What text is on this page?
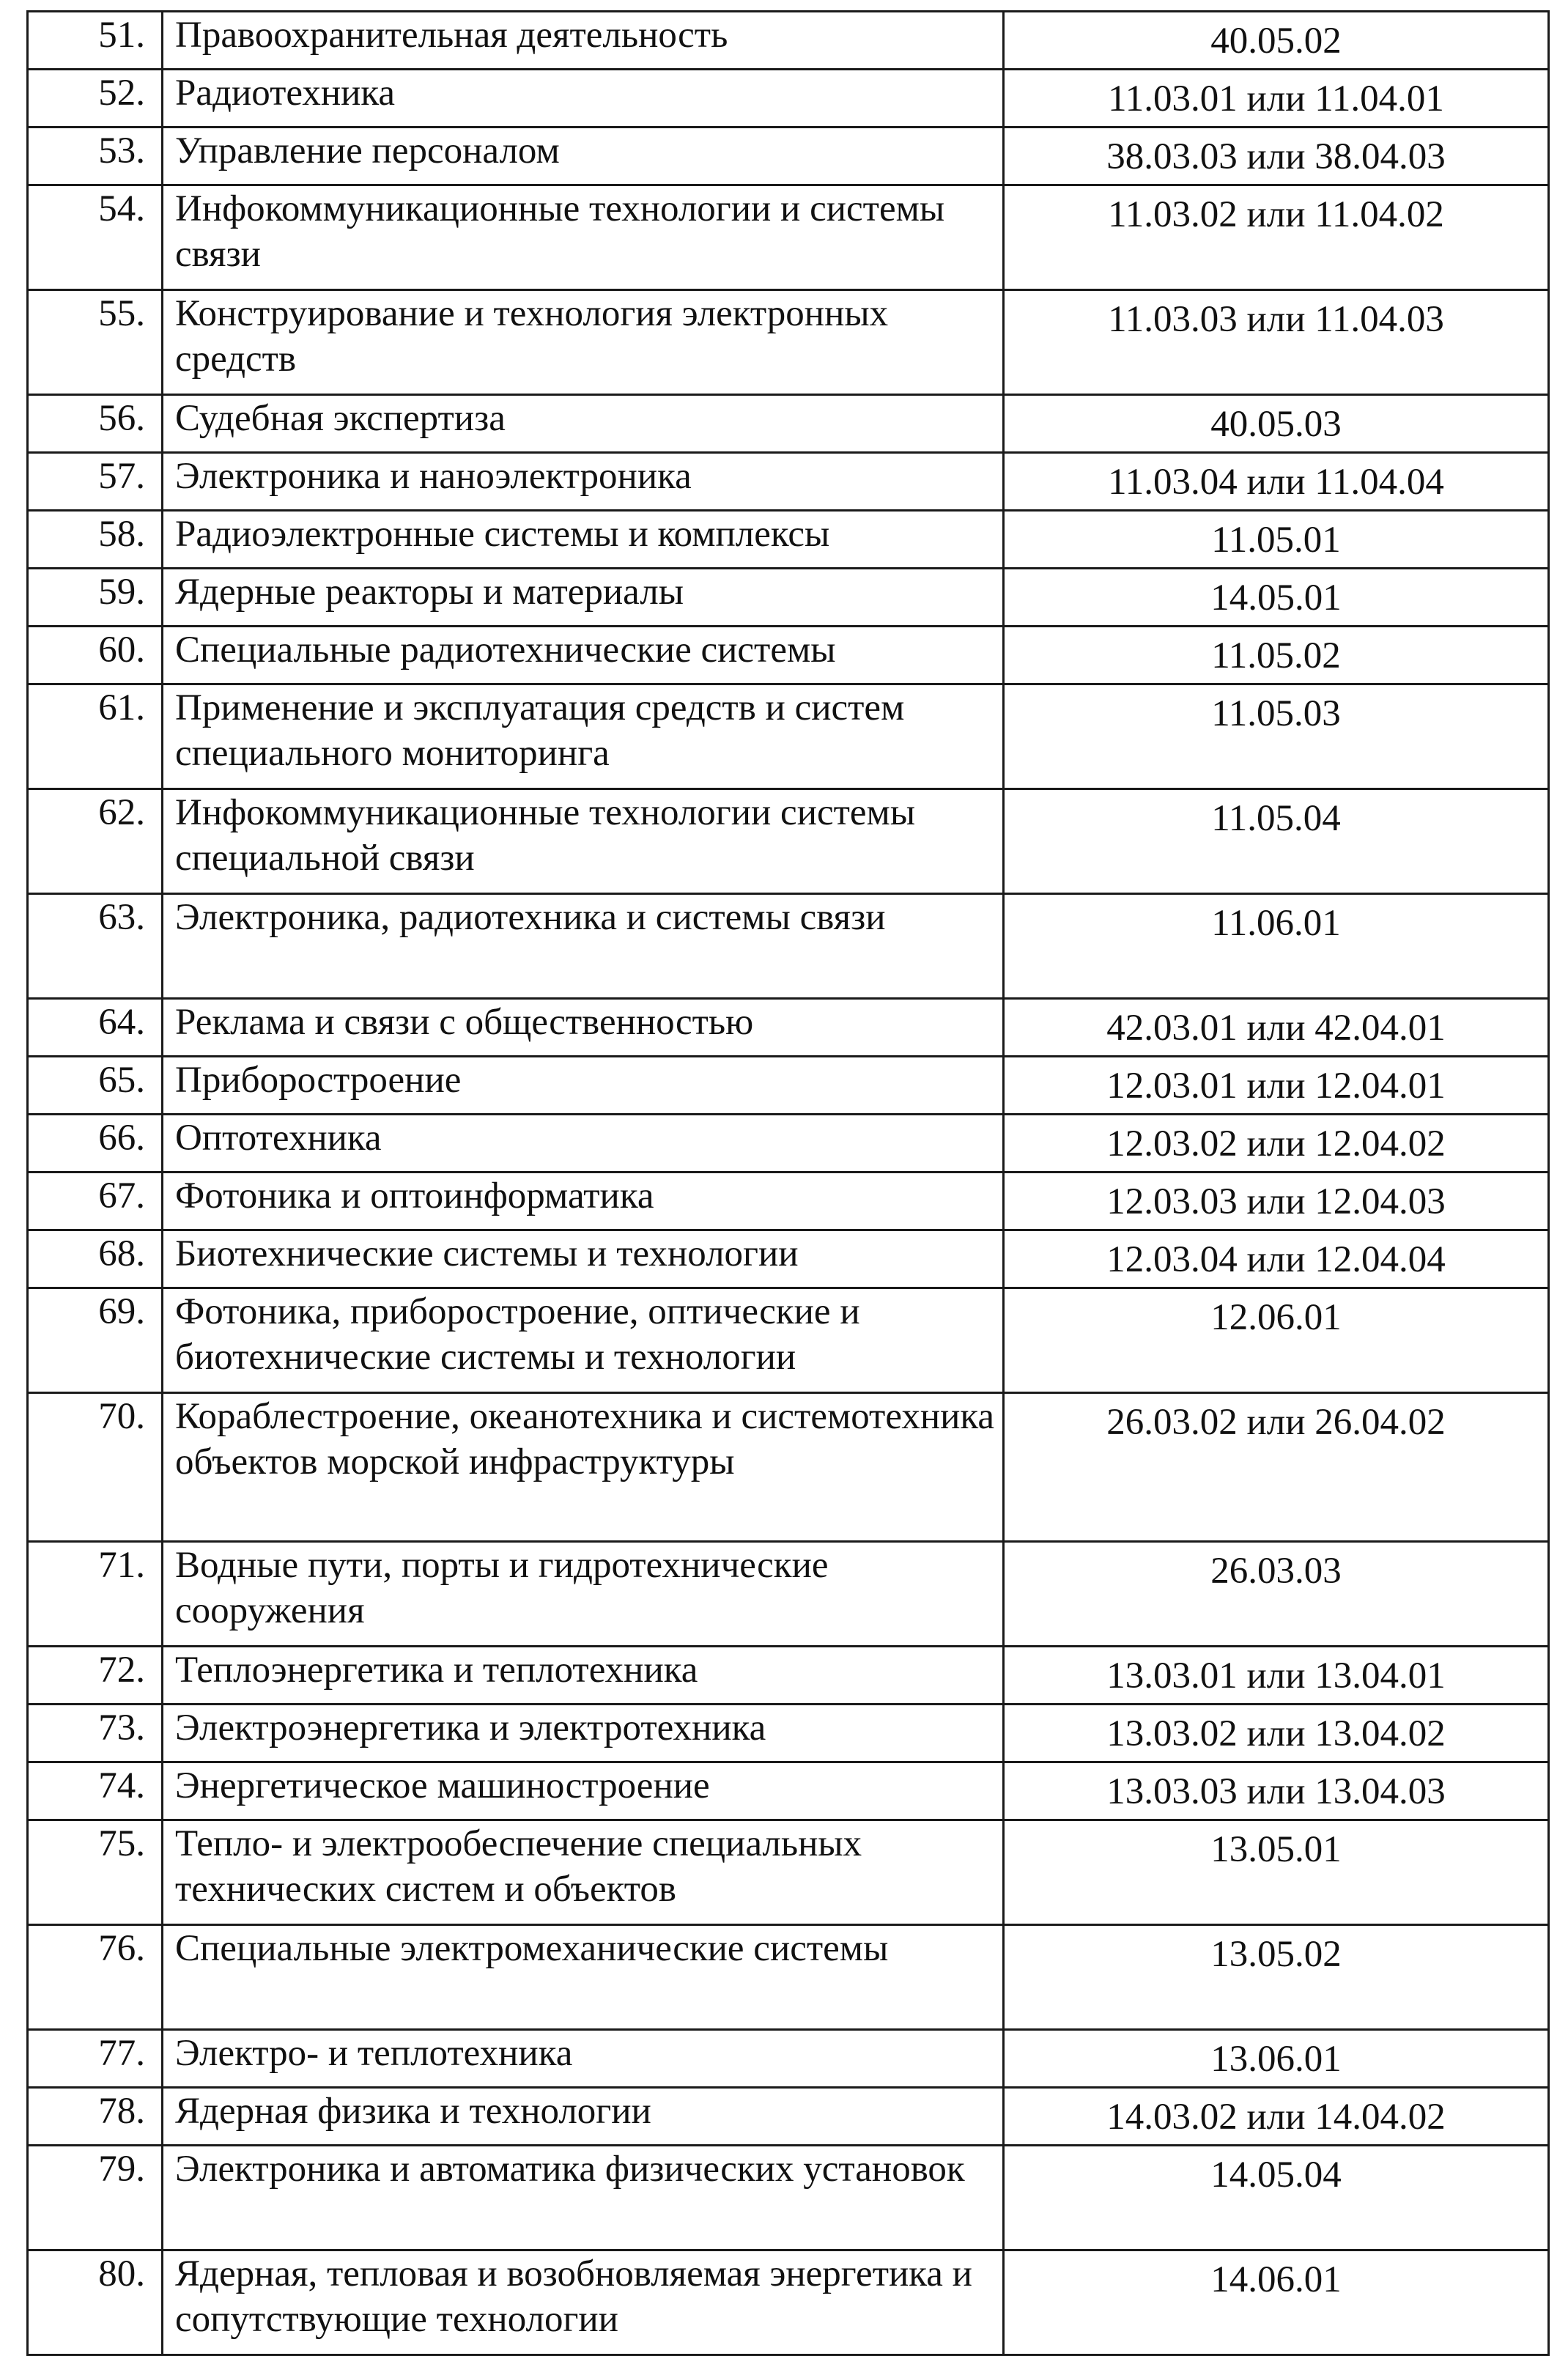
51.	Правоохранительная деятельность	40.05.02
52.	Радиотехника	11.03.01 или 11.04.01
53.	Управление персоналом	38.03.03 или 38.04.03
54.	Инфокоммуникационные технологии и системы связи	11.03.02 или 11.04.02
55.	Конструирование и технология электронных средств	11.03.03 или 11.04.03
56.	Судебная экспертиза	40.05.03
57.	Электроника и наноэлектроника	11.03.04 или 11.04.04
58.	Радиоэлектронные системы и комплексы	11.05.01
59.	Ядерные реакторы и материалы	14.05.01
60.	Специальные радиотехнические системы	11.05.02
61.	Применение и эксплуатация средств и систем специального мониторинга	11.05.03
62.	Инфокоммуникационные технологии системы специальной связи	11.05.04
63.	Электроника, радиотехника и системы связи	11.06.01
64.	Реклама и связи с общественностью	42.03.01 или 42.04.01
65.	Приборостроение	12.03.01 или 12.04.01
66.	Оптотехника	12.03.02 или 12.04.02
67.	Фотоника и оптоинформатика	12.03.03 или 12.04.03
68.	Биотехнические системы и технологии	12.03.04 или 12.04.04
69.	Фотоника, приборостроение, оптические и биотехнические системы и технологии	12.06.01
70.	Кораблестроение, океанотехника и системотехника объектов морской инфраструктуры	26.03.02 или 26.04.02
71.	Водные пути, порты и гидротехнические сооружения	26.03.03
72.	Теплоэнергетика и теплотехника	13.03.01 или 13.04.01
73.	Электроэнергетика и электротехника	13.03.02 или 13.04.02
74.	Энергетическое машиностроение	13.03.03 или 13.04.03
75.	Тепло- и электрообеспечение специальных технических систем и объектов	13.05.01
76.	Специальные электромеханические системы	13.05.02
77.	Электро- и теплотехника	13.06.01
78.	Ядерная физика и технологии	14.03.02 или 14.04.02
79.	Электроника и автоматика физических установок	14.05.04
80.	Ядерная, тепловая и возобновляемая энергетика и сопутствующие технологии	14.06.01
